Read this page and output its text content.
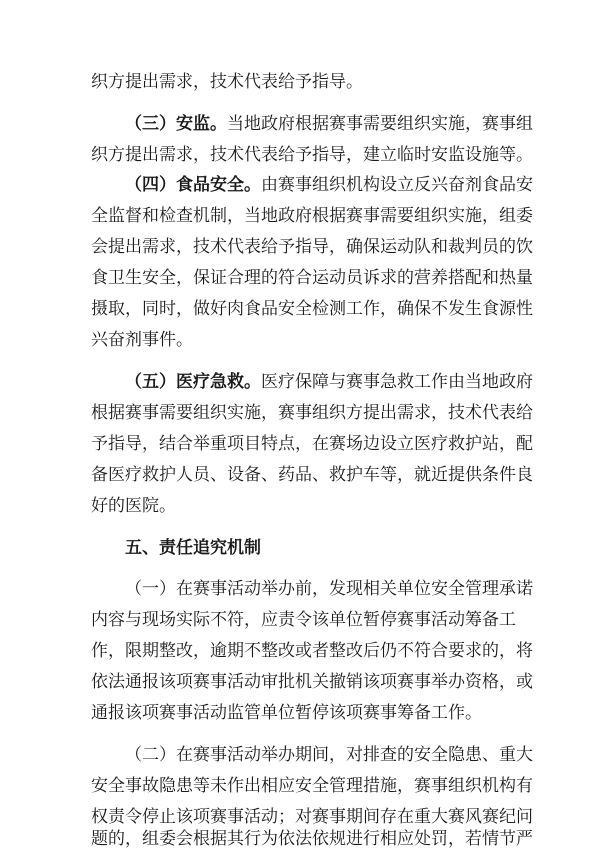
织方提出需求，技术代表给予指导。
（三）安监。当地政府根据赛事需要组织实施，赛事组
织方提出需求，技术代表给予指导，建立临时安监设施等。
（四）食品安全。由赛事组织机构设立反兴奋剂食品安
全监督和检查机制，当地政府根据赛事需要组织实施，组委
会提出需求，技术代表给予指导，确保运动队和裁判员的饮
食卫生安全，保证合理的符合运动员诉求的营养搭配和热量
摄取，同时，做好肉食品安全检测工作，确保不发生食源性
兴奋剂事件。
（五）医疗急救。医疗保障与赛事急救工作由当地政府
根据赛事需要组织实施，赛事组织方提出需求，技术代表给
予指导，结合举重项目特点，在赛场边设立医疗救护站，配
备医疗救护人员、设备、药品、救护车等，就近提供条件良
好的医院。
五、责任追究机制
（一）在赛事活动举办前，发现相关单位安全管理承诺
内容与现场实际不符，应责令该单位暂停赛事活动筹备工
作，限期整改，逾期不整改或者整改后仍不符合要求的，将
依法通报该项赛事活动审批机关撤销该项赛事举办资格，或
通报该项赛事活动监管单位暂停该项赛事筹备工作。
（二）在赛事活动举办期间，对排查的安全隐患、重大
安全事故隐患等未作出相应安全管理措施，赛事组织机构有
权责令停止该项赛事活动；对赛事期间存在重大赛风赛纪问
题的，组委会根据其行为依法依规进行相应处罚，若情节严
